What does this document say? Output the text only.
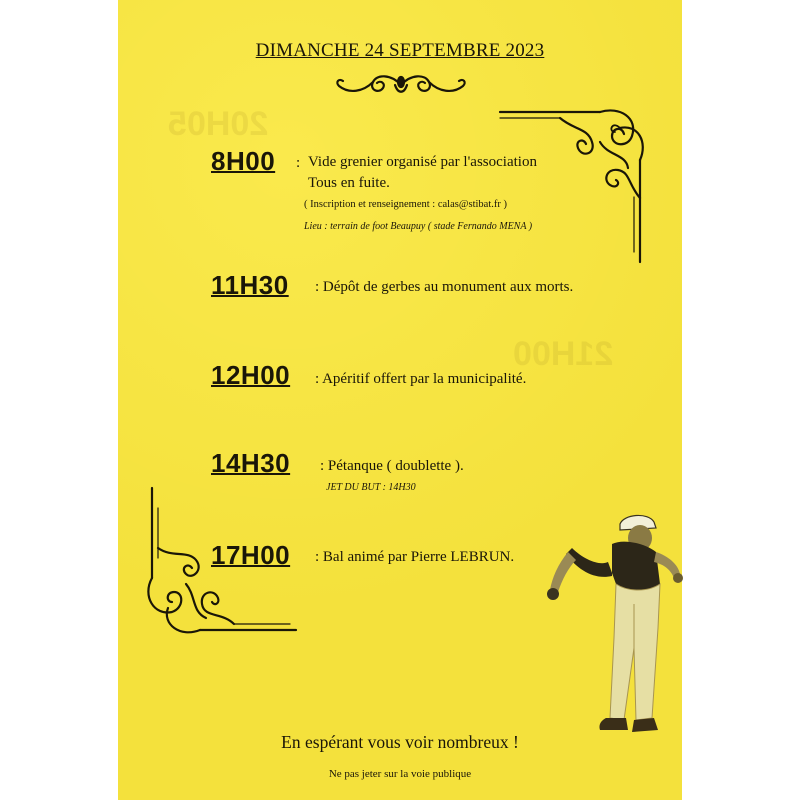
20H05
21H00
DIMANCHE 24 SEPTEMBRE 2023
8H00 : Vide grenier organisé par l'association
Tous en fuite.
( Inscription et renseignement : calas@stibat.fr )
Lieu : terrain de foot Beaupuy ( stade Fernando MENA )
11H30 : Dépôt de gerbes au monument aux morts.
12H00 : Apéritif offert par la municipalité.
14H30 : Pétanque ( doublette ).
JET DU BUT : 14H30
17H00 : Bal animé par Pierre LEBRUN.
En espérant vous voir nombreux !
Ne pas jeter sur la voie publique
